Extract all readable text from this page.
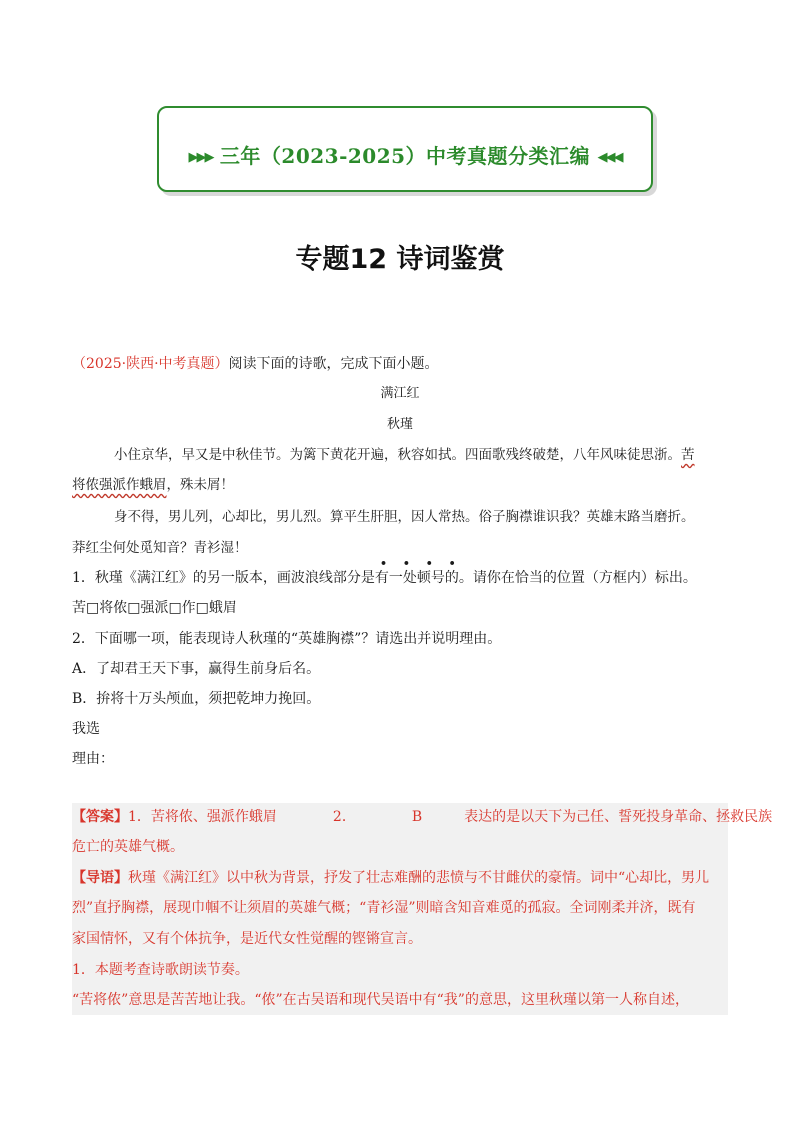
▶▶▶ 三年（2023-2025）中考真题分类汇编 ◀◀◀
专题12 诗词鉴赏
（2025·陕西·中考真题）阅读下面的诗歌，完成下面小题。
满江红
秋瑾
小住京华，早又是中秋佳节。为篱下黄花开遍，秋容如拭。四面歌残终破楚，八年风味徒思浙。苦
将侬强派作蛾眉，殊未屑！
身不得，男儿列，心却比，男儿烈。算平生肝胆，因人常热。俗子胸襟谁识我？英雄末路当磨折。
莽红尘何处觅知音？青衫湿！
• • • •
1．秋瑾《满江红》的另一版本，画波浪线部分是有一处顿号的。请你在恰当的位置（方框内）标出。
苦□将侬□强派□作□蛾眉
2．下面哪一项，能表现诗人秋瑾的“英雄胸襟”？请选出并说明理由。
A．了却君王天下事，赢得生前身后名。
B．拚将十万头颅血，须把乾坤力挽回。
我选
理由：
【答案】1．苦将侬、强派作蛾眉	2．	B	表达的是以天下为己任、誓死投身革命、拯救民族
危亡的英雄气概。
【导语】秋瑾《满江红》以中秋为背景，抒发了壮志难酬的悲愤与不甘雌伏的豪情。词中“心却比，男儿
烈”直抒胸襟，展现巾帼不让须眉的英雄气概；“青衫湿”则暗含知音难觅的孤寂。全词刚柔并济，既有
家国情怀，又有个体抗争，是近代女性觉醒的铿锵宣言。
1．本题考查诗歌朗读节奏。
“苦将侬”意思是苦苦地让我。“侬”在古吴语和现代吴语中有“我”的意思，这里秋瑾以第一人称自述，
